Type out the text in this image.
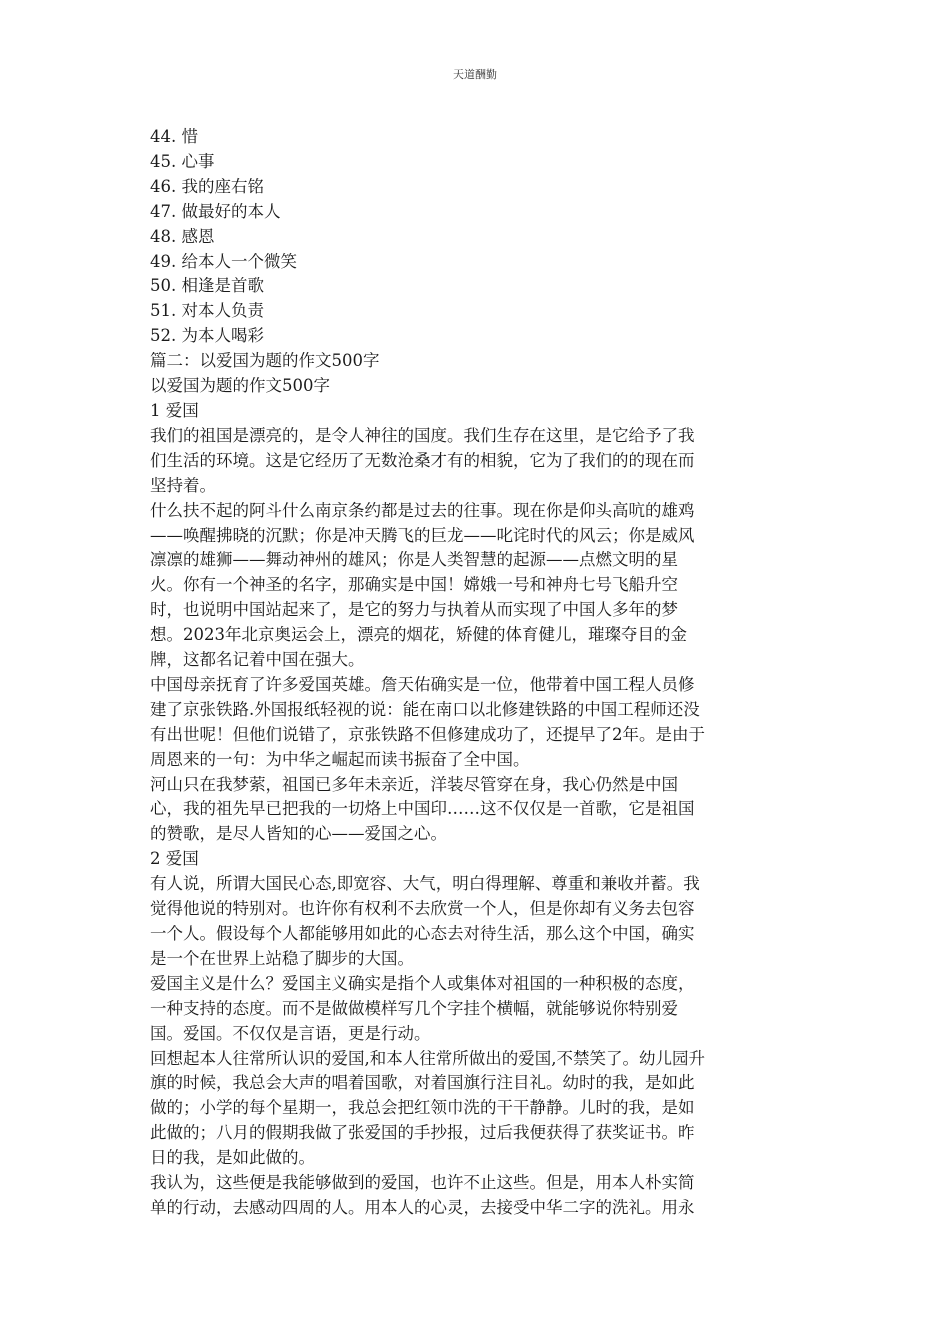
天道酬勤
44. 惜
45. 心事
46. 我的座右铭
47. 做最好的本人
48. 感恩
49. 给本人一个微笑
50. 相逢是首歌
51. 对本人负责
52. 为本人喝彩
篇二：以爱国为题的作文500字
以爱国为题的作文500字
1 爱国
我们的祖国是漂亮的，是令人神往的国度。我们生存在这里，是它给予了我
们生活的环境。这是它经历了无数沧桑才有的相貌，它为了我们的的现在而
坚持着。
什么扶不起的阿斗什么南京条约都是过去的往事。现在你是仰头高吭的雄鸡
——唤醒拂晓的沉默；你是冲天腾飞的巨龙——叱诧时代的风云；你是威风
凛凛的雄狮——舞动神州的雄风；你是人类智慧的起源——点燃文明的星
火。你有一个神圣的名字，那确实是中国！嫦娥一号和神舟七号飞船升空
时，也说明中国站起来了，是它的努力与执着从而实现了中国人多年的梦
想。2023年北京奥运会上，漂亮的烟花，矫健的体育健儿，璀璨夺目的金
牌，这都名记着中国在强大。
中国母亲抚育了许多爱国英雄。詹天佑确实是一位，他带着中国工程人员修
建了京张铁路.外国报纸轻视的说：能在南口以北修建铁路的中国工程师还没
有出世呢！但他们说错了，京张铁路不但修建成功了，还提早了2年。是由于
周恩来的一句：为中华之崛起而读书振奋了全中国。
河山只在我梦萦，祖国已多年未亲近，洋装尽管穿在身，我心仍然是中国
心，我的祖先早已把我的一切烙上中国印……这不仅仅是一首歌，它是祖国
的赞歌，是尽人皆知的心——爱国之心。
2 爱国
有人说，所谓大国民心态,即宽容、大气，明白得理解、尊重和兼收并蓄。我
觉得他说的特别对。也许你有权利不去欣赏一个人，但是你却有义务去包容
一个人。假设每个人都能够用如此的心态去对待生活，那么这个中国，确实
是一个在世界上站稳了脚步的大国。
爱国主义是什么？爱国主义确实是指个人或集体对祖国的一种积极的态度，
一种支持的态度。而不是做做模样写几个字挂个横幅，就能够说你特别爱
国。爱国。不仅仅是言语，更是行动。
回想起本人往常所认识的爱国,和本人往常所做出的爱国,不禁笑了。幼儿园升
旗的时候，我总会大声的唱着国歌，对着国旗行注目礼。幼时的我，是如此
做的；小学的每个星期一，我总会把红领巾洗的干干静静。儿时的我，是如
此做的；八月的假期我做了张爱国的手抄报，过后我便获得了获奖证书。昨
日的我，是如此做的。
我认为，这些便是我能够做到的爱国，也许不止这些。但是，用本人朴实简
单的行动，去感动四周的人。用本人的心灵，去接受中华二字的洗礼。用永
